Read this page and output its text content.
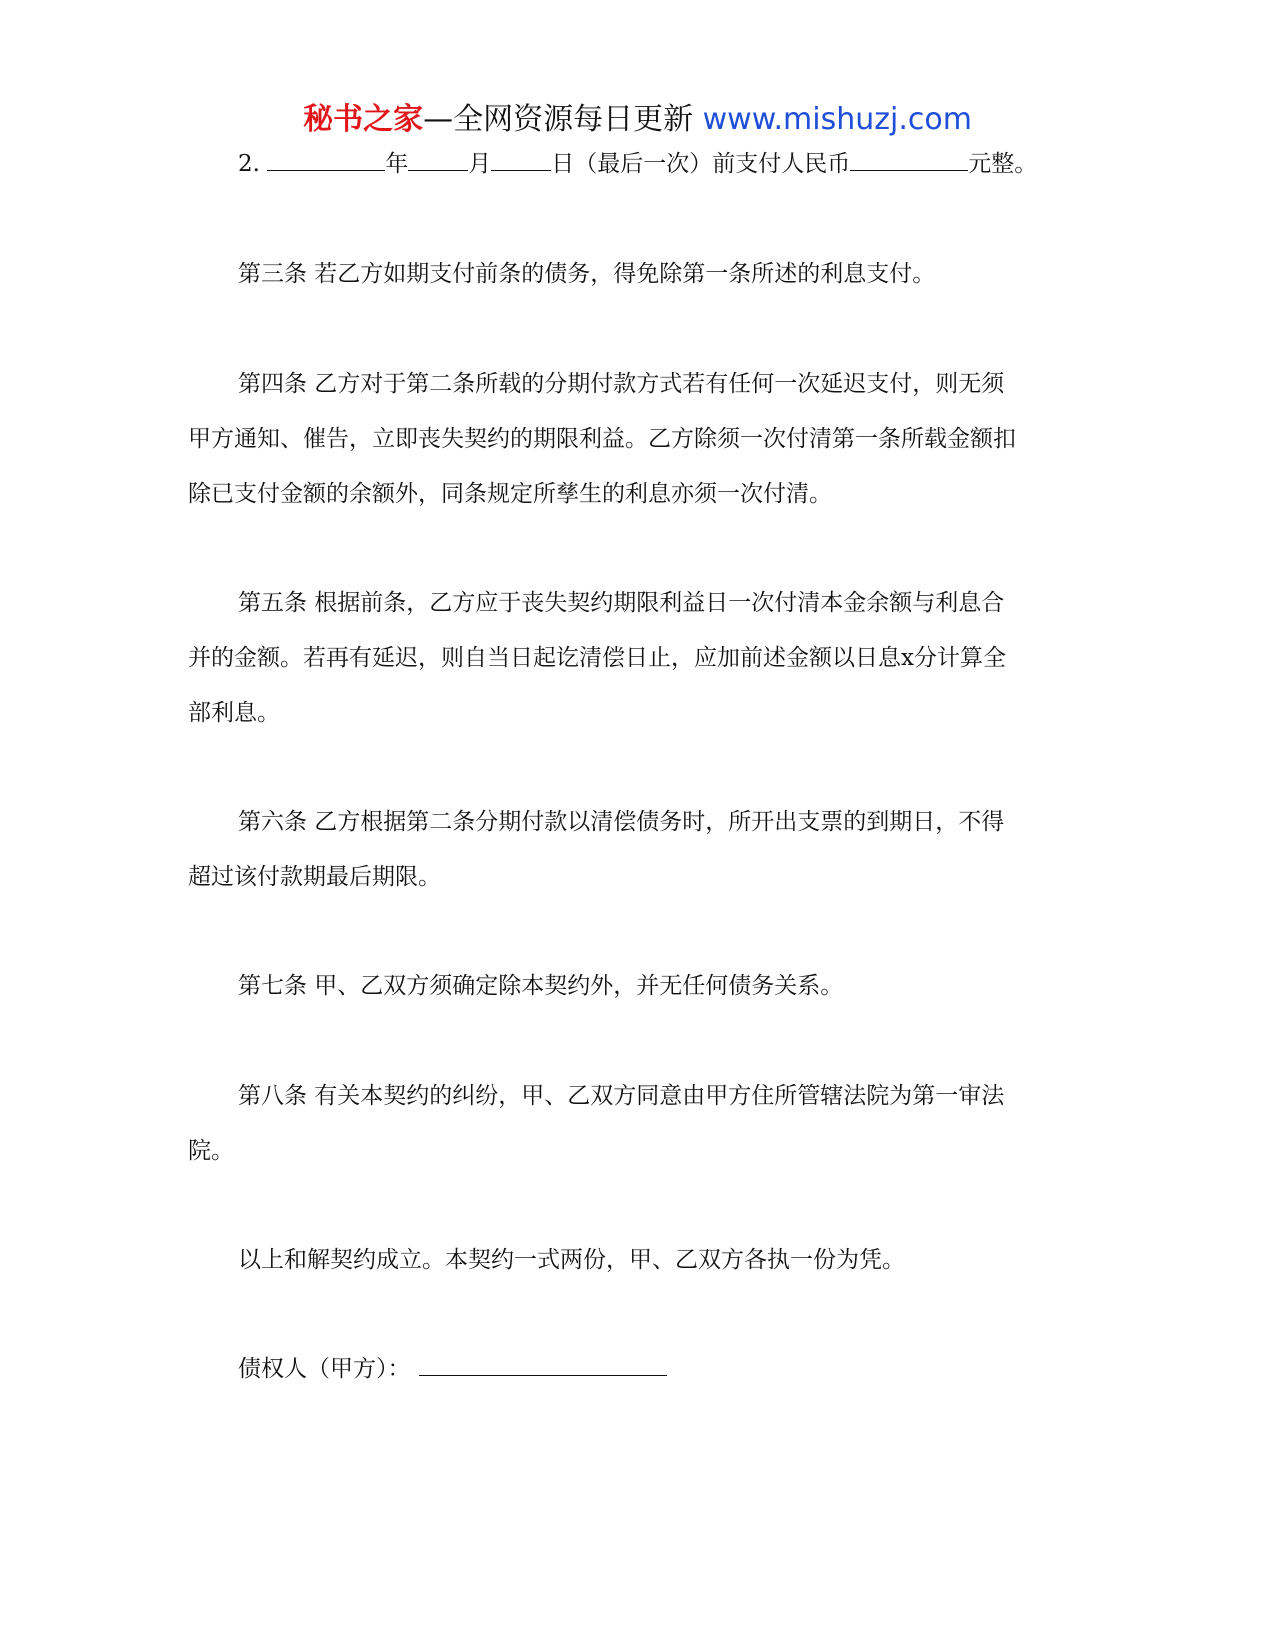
秘书之家—全网资源每日更新 www.mishuzj.com
2.	年	月	日（最后一次）前支付人民币	元整。
第三条 若乙方如期支付前条的债务，得免除第一条所述的利息支付。
第四条 乙方对于第二条所载的分期付款方式若有任何一次延迟支付，则无须
甲方通知、催告，立即丧失契约的期限利益。乙方除须一次付清第一条所载金额扣
除已支付金额的余额外，同条规定所孳生的利息亦须一次付清。
第五条 根据前条，乙方应于丧失契约期限利益日一次付清本金余额与利息合
并的金额。若再有延迟，则自当日起讫清偿日止，应加前述金额以日息x分计算全
部利息。
第六条 乙方根据第二条分期付款以清偿债务时，所开出支票的到期日，不得
超过该付款期最后期限。
第七条 甲、乙双方须确定除本契约外，并无任何债务关系。
第八条 有关本契约的纠纷，甲、乙双方同意由甲方住所管辖法院为第一审法
院。
以上和解契约成立。本契约一式两份，甲、乙双方各执一份为凭。
债权人（甲方）：
